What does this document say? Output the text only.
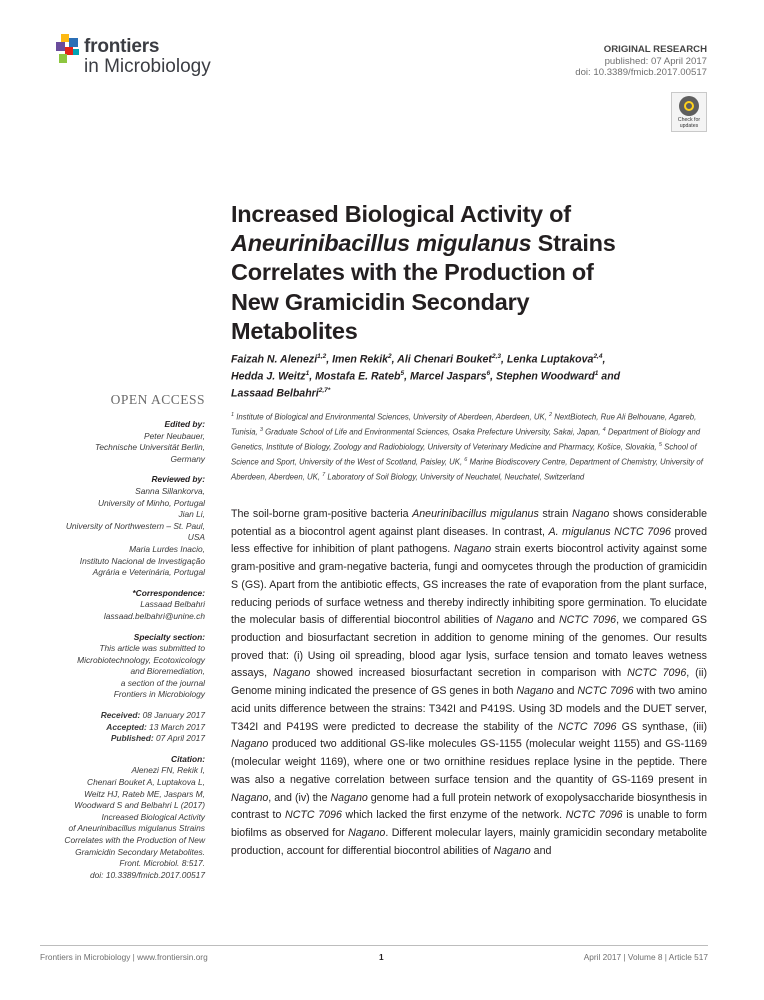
frontiers
in Microbiology
ORIGINAL RESEARCH
published: 07 April 2017
doi: 10.3389/fmicb.2017.00517
Check for
updates
Increased Biological Activity of
Aneurinibacillus migulanus Strains
Correlates with the Production of
New Gramicidin Secondary
Metabolites
Faizah N. Alenezi$^{1,2}$, Imen Rekik$^2$, Ali Chenari Bouket$^{2,3}$, Lenka Luptakova$^{2,4}$,
Hedda J. Weitz$^1$, Mostafa E. Rateb$^5$, Marcel Jaspars$^6$, Stephen Woodward$^1$ and
Lassaad Belbahri$^{2,7*}$
$^1$ Institute of Biological and Environmental Sciences, University of Aberdeen, Aberdeen, UK, $^2$ NextBiotech, Rue Ali Belhouane, Agareb, Tunisia, $^3$ Graduate School of Life and Environmental Sciences, Osaka Prefecture University, Sakai, Japan, $^4$ Department of Biology and Genetics, Institute of Biology, Zoology and Radiobiology, University of Veterinary Medicine and Pharmacy, Košice, Slovakia, $^5$ School of Science and Sport, University of the West of Scotland, Paisley, UK, $^6$ Marine Biodiscovery Centre, Department of Chemistry, University of Aberdeen, Aberdeen, UK, $^7$ Laboratory of Soil Biology, University of Neuchatel, Neuchatel, Switzerland
OPEN ACCESS
Edited by:
Peter Neubauer,
Technische Universität Berlin,
Germany
Reviewed by:
Sanna Sillankorva,
University of Minho, Portugal
Jian Li,
University of Northwestern – St. Paul,
USA
Maria Lurdes Inacio,
Instituto Nacional de Investigação
Agrária e Veterinária, Portugal
*Correspondence:
Lassaad Belbahri
lassaad.belbahri@unine.ch
Specialty section:
This article was submitted to
Microbiotechnology, Ecotoxicology
and Bioremediation,
a section of the journal
Frontiers in Microbiology
Received: 08 January 2017
Accepted: 13 March 2017
Published: 07 April 2017
Citation:
Alenezi FN, Rekik I,
Chenari Bouket A, Luptakova L,
Weitz HJ, Rateb ME, Jaspars M,
Woodward S and Belbahri L (2017)
Increased Biological Activity
of Aneurinibacillus migulanus Strains
Correlates with the Production of New
Gramicidin Secondary Metabolites.
Front. Microbiol. 8:517.
doi: 10.3389/fmicb.2017.00517

The soil-borne gram-positive bacteria Aneurinibacillus migulanus strain Nagano shows considerable potential as a biocontrol agent against plant diseases. In contrast, A. migulanus NCTC 7096 proved less effective for inhibition of plant pathogens. Nagano strain exerts biocontrol activity against some gram-positive and gram-negative bacteria, fungi and oomycetes through the production of gramicidin S (GS). Apart from the antibiotic effects, GS increases the rate of evaporation from the plant surface, reducing periods of surface wetness and thereby indirectly inhibiting spore germination. To elucidate the molecular basis of differential biocontrol abilities of Nagano and NCTC 7096, we compared GS production and biosurfactant secretion in addition to genome mining of the genomes. Our results proved that: (i) Using oil spreading, blood agar lysis, surface tension and tomato leaves wetness assays, Nagano showed increased biosurfactant secretion in comparison with NCTC 7096, (ii) Genome mining indicated the presence of GS genes in both Nagano and NCTC 7096 with two amino acid units difference between the strains: T342I and P419S. Using 3D models and the DUET server, T342I and P419S were predicted to decrease the stability of the NCTC 7096 GS synthase, (iii) Nagano produced two additional GS-like molecules GS-1155 (molecular weight 1155) and GS-1169 (molecular weight 1169), where one or two ornithine residues replace lysine in the peptide. There was also a negative correlation between surface tension and the quantity of GS-1169 present in Nagano, and (iv) the Nagano genome had a full protein network of exopolysaccharide biosynthesis in contrast to NCTC 7096 which lacked the first enzyme of the network. NCTC 7096 is unable to form biofilms as observed for Nagano. Different molecular layers, mainly gramicidin secondary metabolite production, account for differential biocontrol abilities of Nagano and

Frontiers in Microbiology | www.frontiersin.org	1	April 2017 | Volume 8 | Article 517
